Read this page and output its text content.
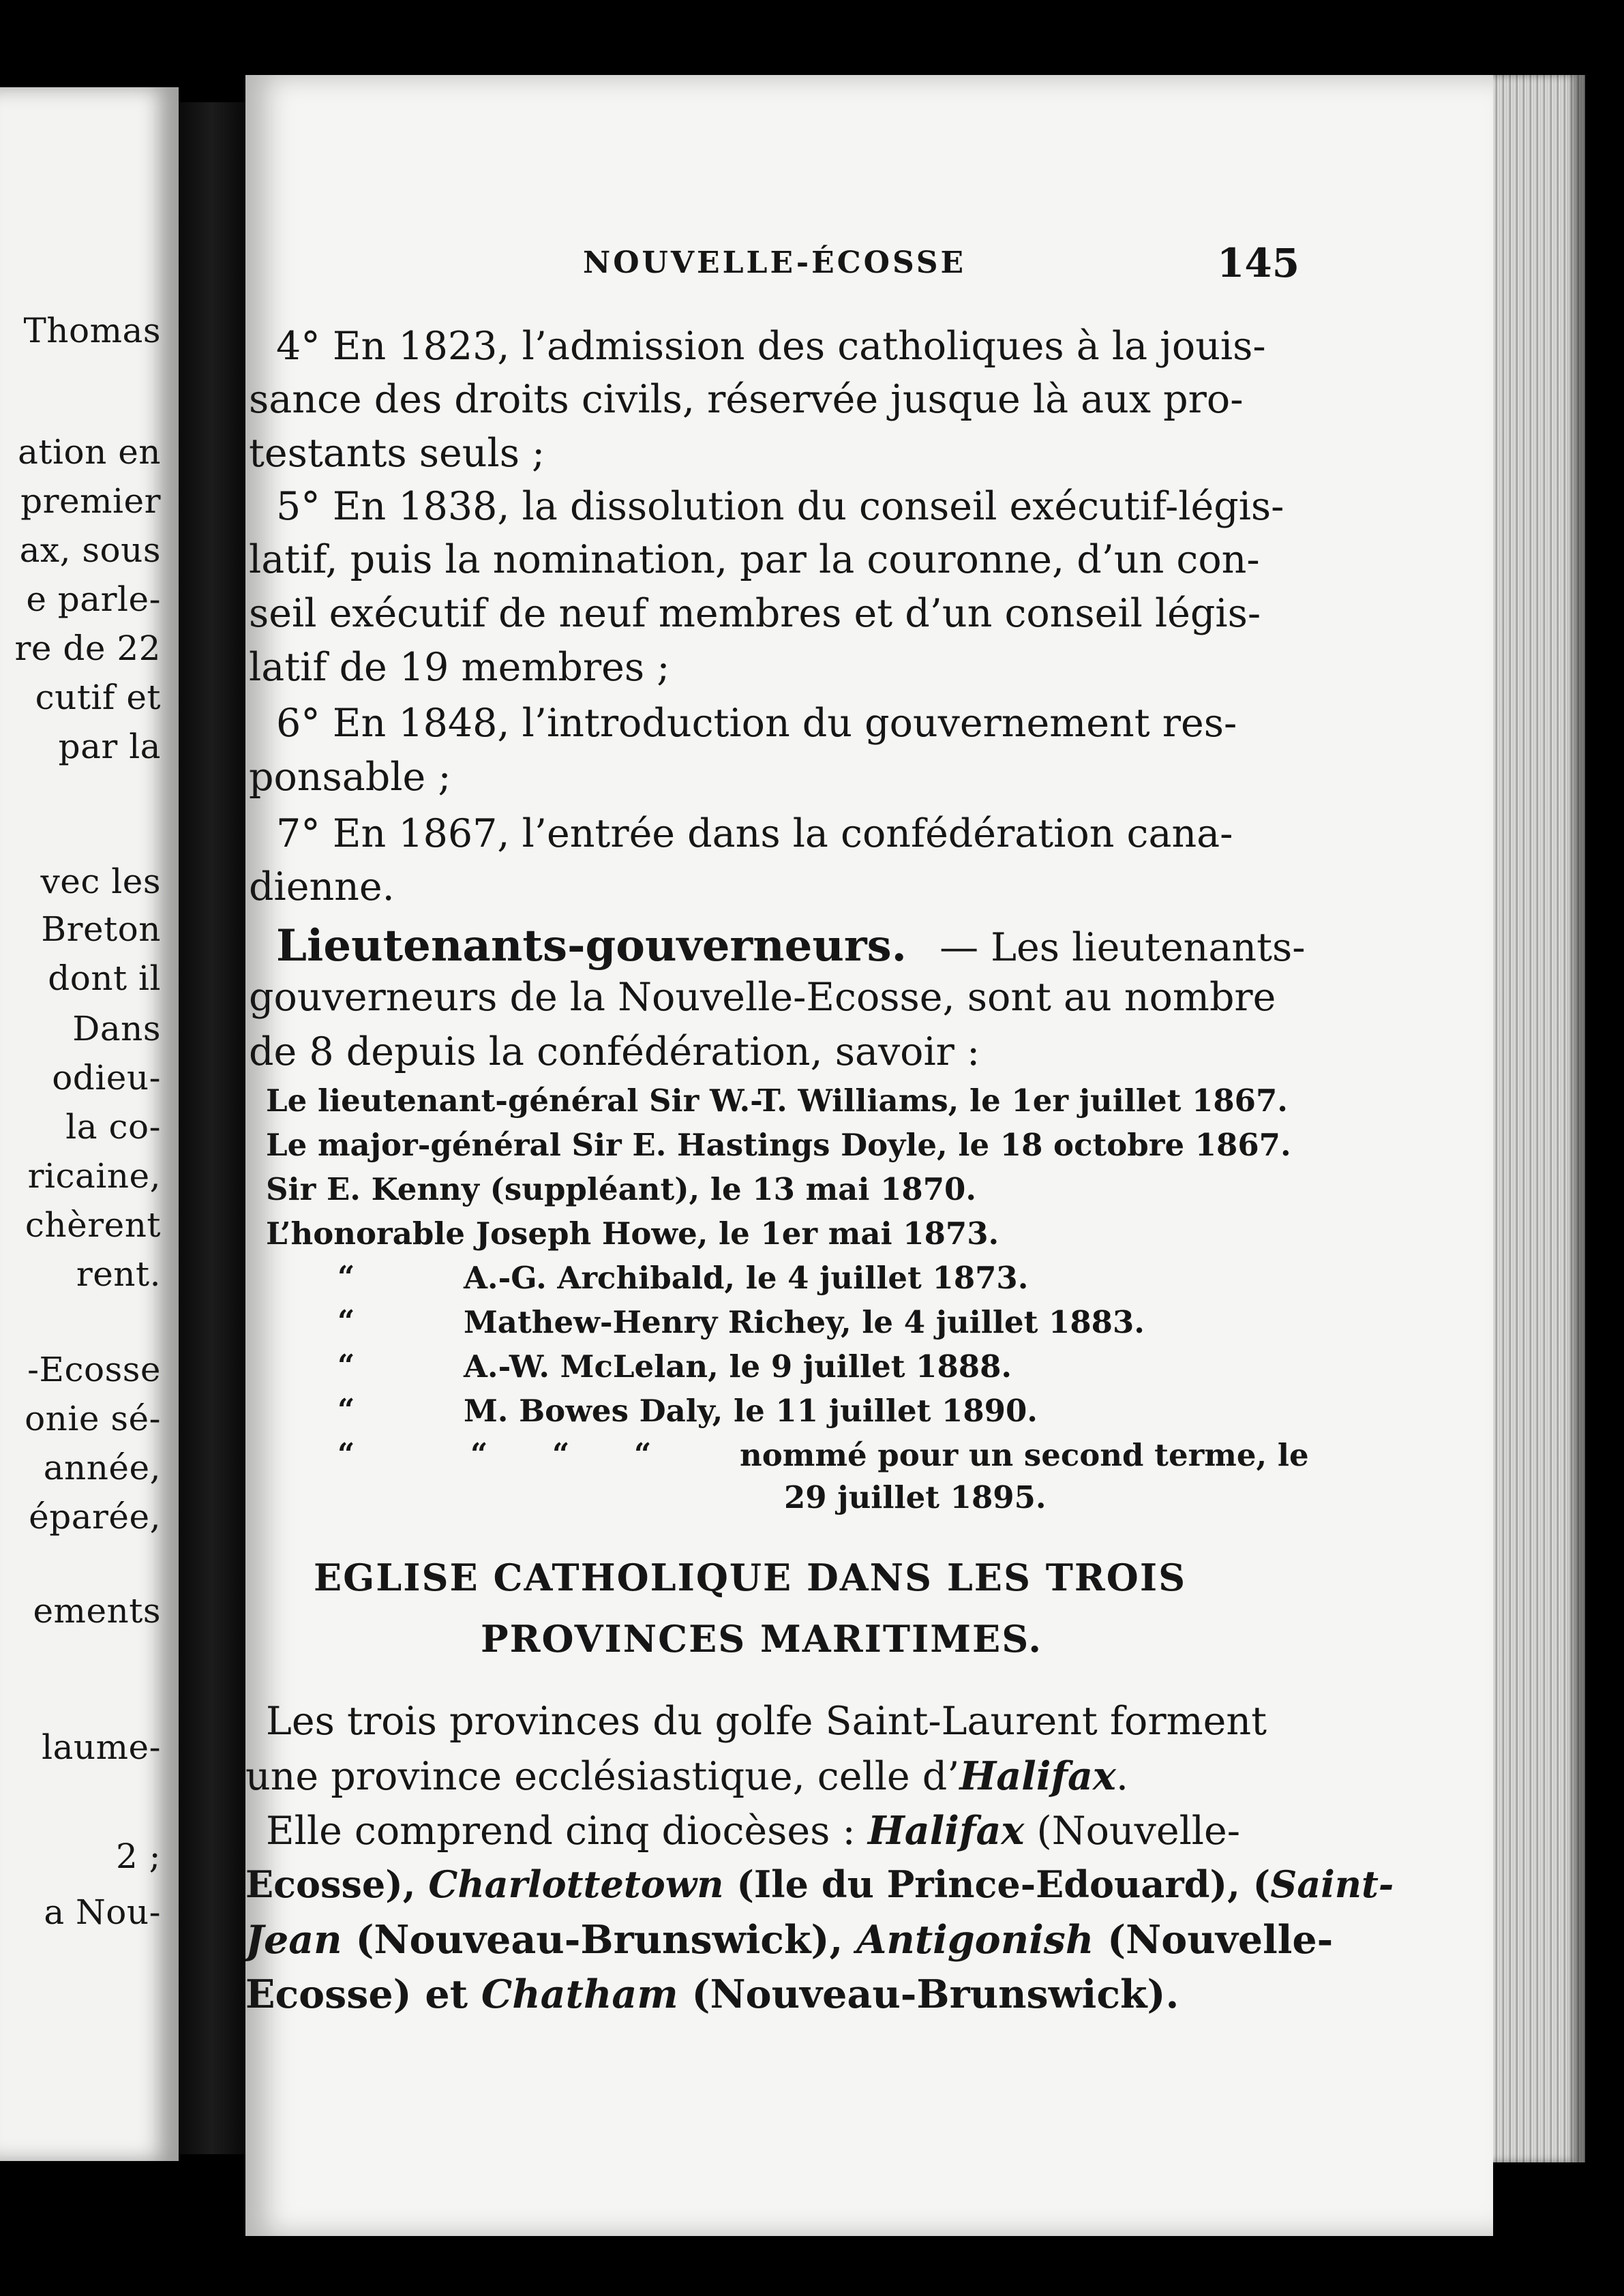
Thomas
ation en
premier
ax, sous
e parle-
re de 22
cutif et
par la
vec les
Breton
dont il
Dans
odieu-
la co-
ricaine,
chèrent
rent.
-Ecosse
onie sé-
année,
éparée,
ements
laume-
2 ;
a Nou-
NOUVELLE-ÉCOSSE	145
4° En 1823, l’admission des catholiques à la jouis-
sance des droits civils, réservée jusque là aux pro-
testants seuls ;
5° En 1838, la dissolution du conseil exécutif-légis-
latif, puis la nomination, par la couronne, d’un con-
seil exécutif de neuf membres et d’un conseil légis-
latif de 19 membres ;
6° En 1848, l’introduction du gouvernement res-
ponsable ;
7° En 1867, l’entrée dans la confédération cana-
dienne.
Lieutenants-gouverneurs. — Les lieutenants-
gouverneurs de la Nouvelle-Ecosse, sont au nombre
de 8 depuis la confédération, savoir :
Le lieutenant-général Sir W.-T. Williams, le 1er juillet 1867.
Le major-général Sir E. Hastings Doyle, le 18 octobre 1867.
Sir E. Kenny (suppléant), le 13 mai 1870.
L’honorable Joseph Howe, le 1er mai 1873.
“	A.-G. Archibald, le 4 juillet 1873.
“	Mathew-Henry Richey, le 4 juillet 1883.
“	A.-W. McLelan, le 9 juillet 1888.
“	M. Bowes Daly, le 11 juillet 1890.
“	“ “ “	nommé pour un second terme, le
29 juillet 1895.
EGLISE CATHOLIQUE DANS LES TROIS
PROVINCES MARITIMES.
Les trois provinces du golfe Saint-Laurent forment
une province ecclésiastique, celle d’Halifax.
Elle comprend cinq diocèses : Halifax (Nouvelle-
Ecosse), Charlottetown (Ile du Prince-Edouard), (Saint-
Jean (Nouveau-Brunswick), Antigonish (Nouvelle-
Ecosse) et Chatham (Nouveau-Brunswick).
